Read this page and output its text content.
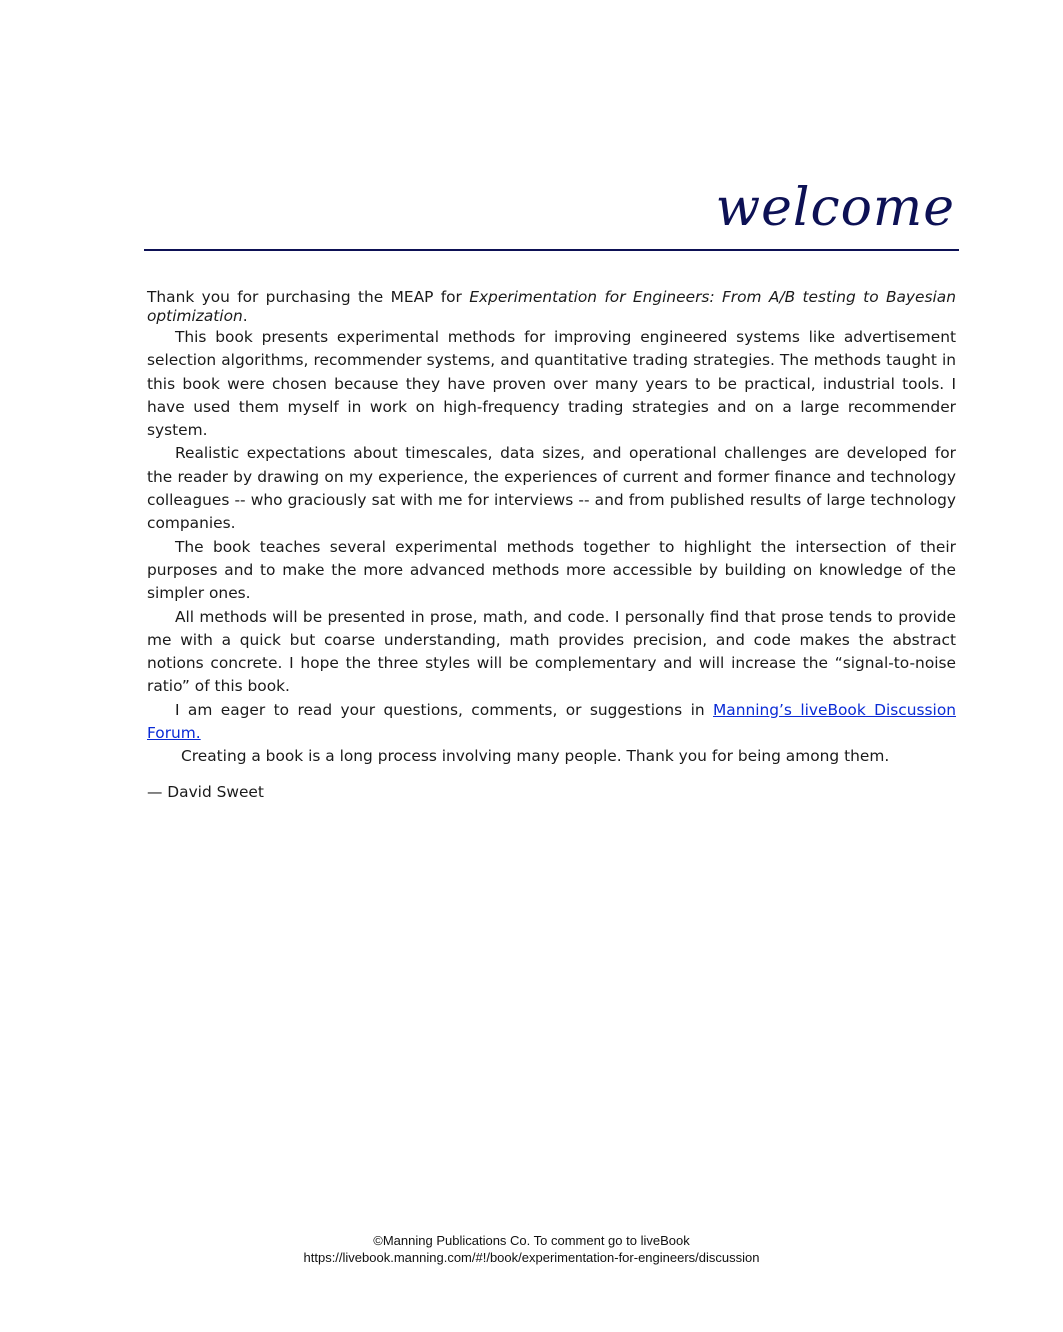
welcome

Thank you for purchasing the MEAP for Experimentation for Engineers: From A/B testing to Bayesian optimization.

This book presents experimental methods for improving engineered systems like advertisement selection algorithms, recommender systems, and quantitative trading strategies. The methods taught in this book were chosen because they have proven over many years to be practical, industrial tools. I have used them myself in work on high-frequency trading strategies and on a large recommender system.

Realistic expectations about timescales, data sizes, and operational challenges are developed for the reader by drawing on my experience, the experiences of current and former finance and technology colleagues -- who graciously sat with me for interviews -- and from published results of large technology companies.

The book teaches several experimental methods together to highlight the intersection of their purposes and to make the more advanced methods more accessible by building on knowledge of the simpler ones.

All methods will be presented in prose, math, and code. I personally find that prose tends to provide me with a quick but coarse understanding, math provides precision, and code makes the abstract notions concrete. I hope the three styles will be complementary and will increase the “signal-to-noise ratio” of this book.

I am eager to read your questions, comments, or suggestions in Manning’s liveBook Discussion Forum.

Creating a book is a long process involving many people. Thank you for being among them.

— David Sweet

©Manning Publications Co. To comment go to liveBook
https://livebook.manning.com/#!/book/experimentation-for-engineers/discussion
